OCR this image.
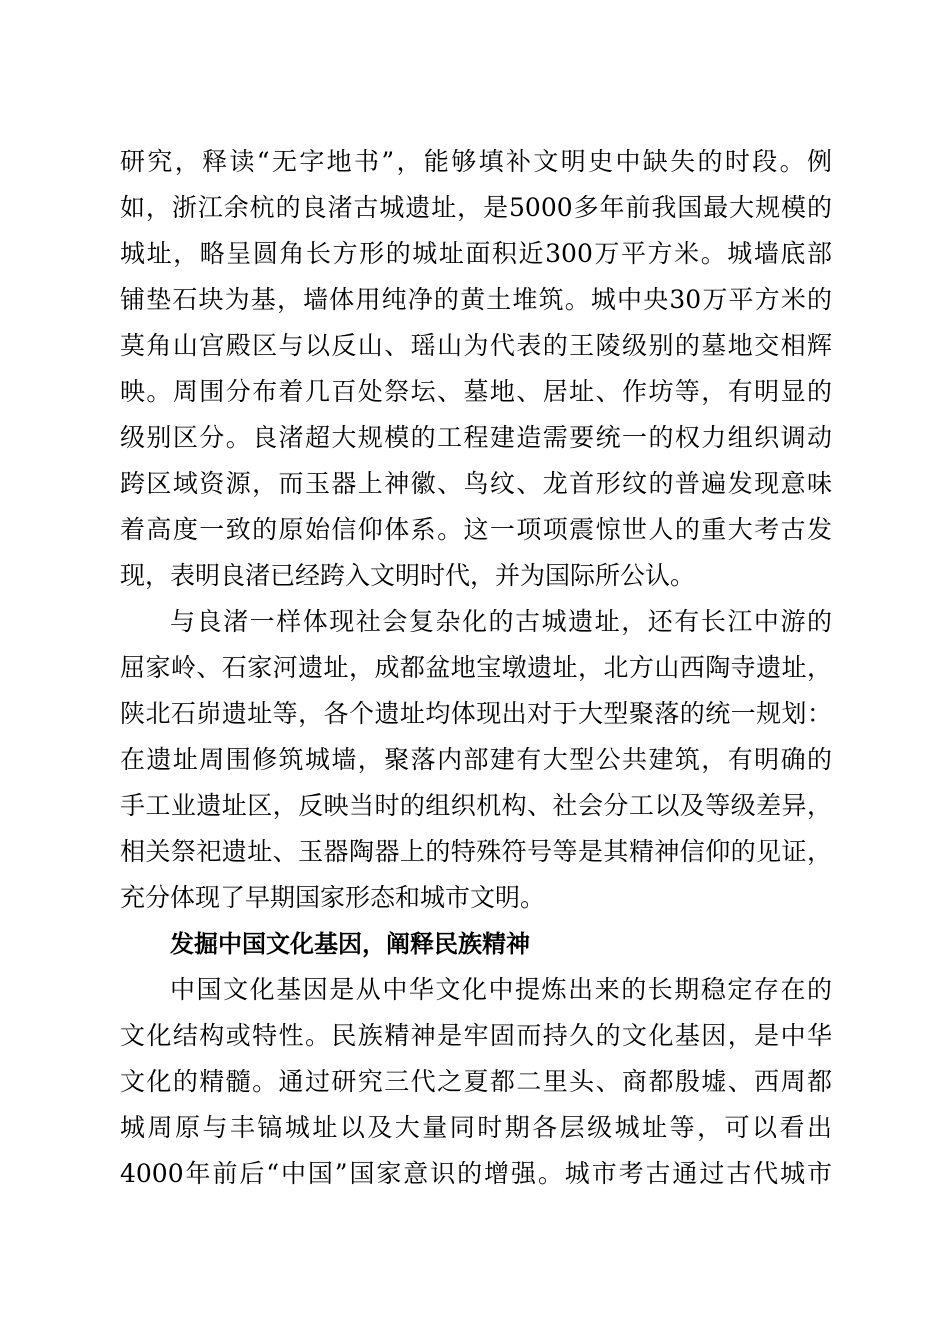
研究，释读“无字地书”，能够填补文明史中缺失的时段。例
如，浙江余杭的良渚古城遗址，是5000多年前我国最大规模的
城址，略呈圆角长方形的城址面积近300万平方米。城墙底部
铺垫石块为基，墙体用纯净的黄土堆筑。城中央30万平方米的
莫角山宫殿区与以反山、瑶山为代表的王陵级别的墓地交相辉
映。周围分布着几百处祭坛、墓地、居址、作坊等，有明显的
级别区分。良渚超大规模的工程建造需要统一的权力组织调动
跨区域资源，而玉器上神徽、鸟纹、龙首形纹的普遍发现意味
着高度一致的原始信仰体系。这一项项震惊世人的重大考古发
现，表明良渚已经跨入文明时代，并为国际所公认。
与良渚一样体现社会复杂化的古城遗址，还有长江中游的
屈家岭、石家河遗址，成都盆地宝墩遗址，北方山西陶寺遗址，
陕北石峁遗址等，各个遗址均体现出对于大型聚落的统一规划：
在遗址周围修筑城墙，聚落内部建有大型公共建筑，有明确的
手工业遗址区，反映当时的组织机构、社会分工以及等级差异，
相关祭祀遗址、玉器陶器上的特殊符号等是其精神信仰的见证，
充分体现了早期国家形态和城市文明。
发掘中国文化基因，阐释民族精神
中国文化基因是从中华文化中提炼出来的长期稳定存在的
文化结构或特性。民族精神是牢固而持久的文化基因，是中华
文化的精髓。通过研究三代之夏都二里头、商都殷墟、西周都
城周原与丰镐城址以及大量同时期各层级城址等，可以看出
4000年前后“中国”国家意识的增强。城市考古通过古代城市
